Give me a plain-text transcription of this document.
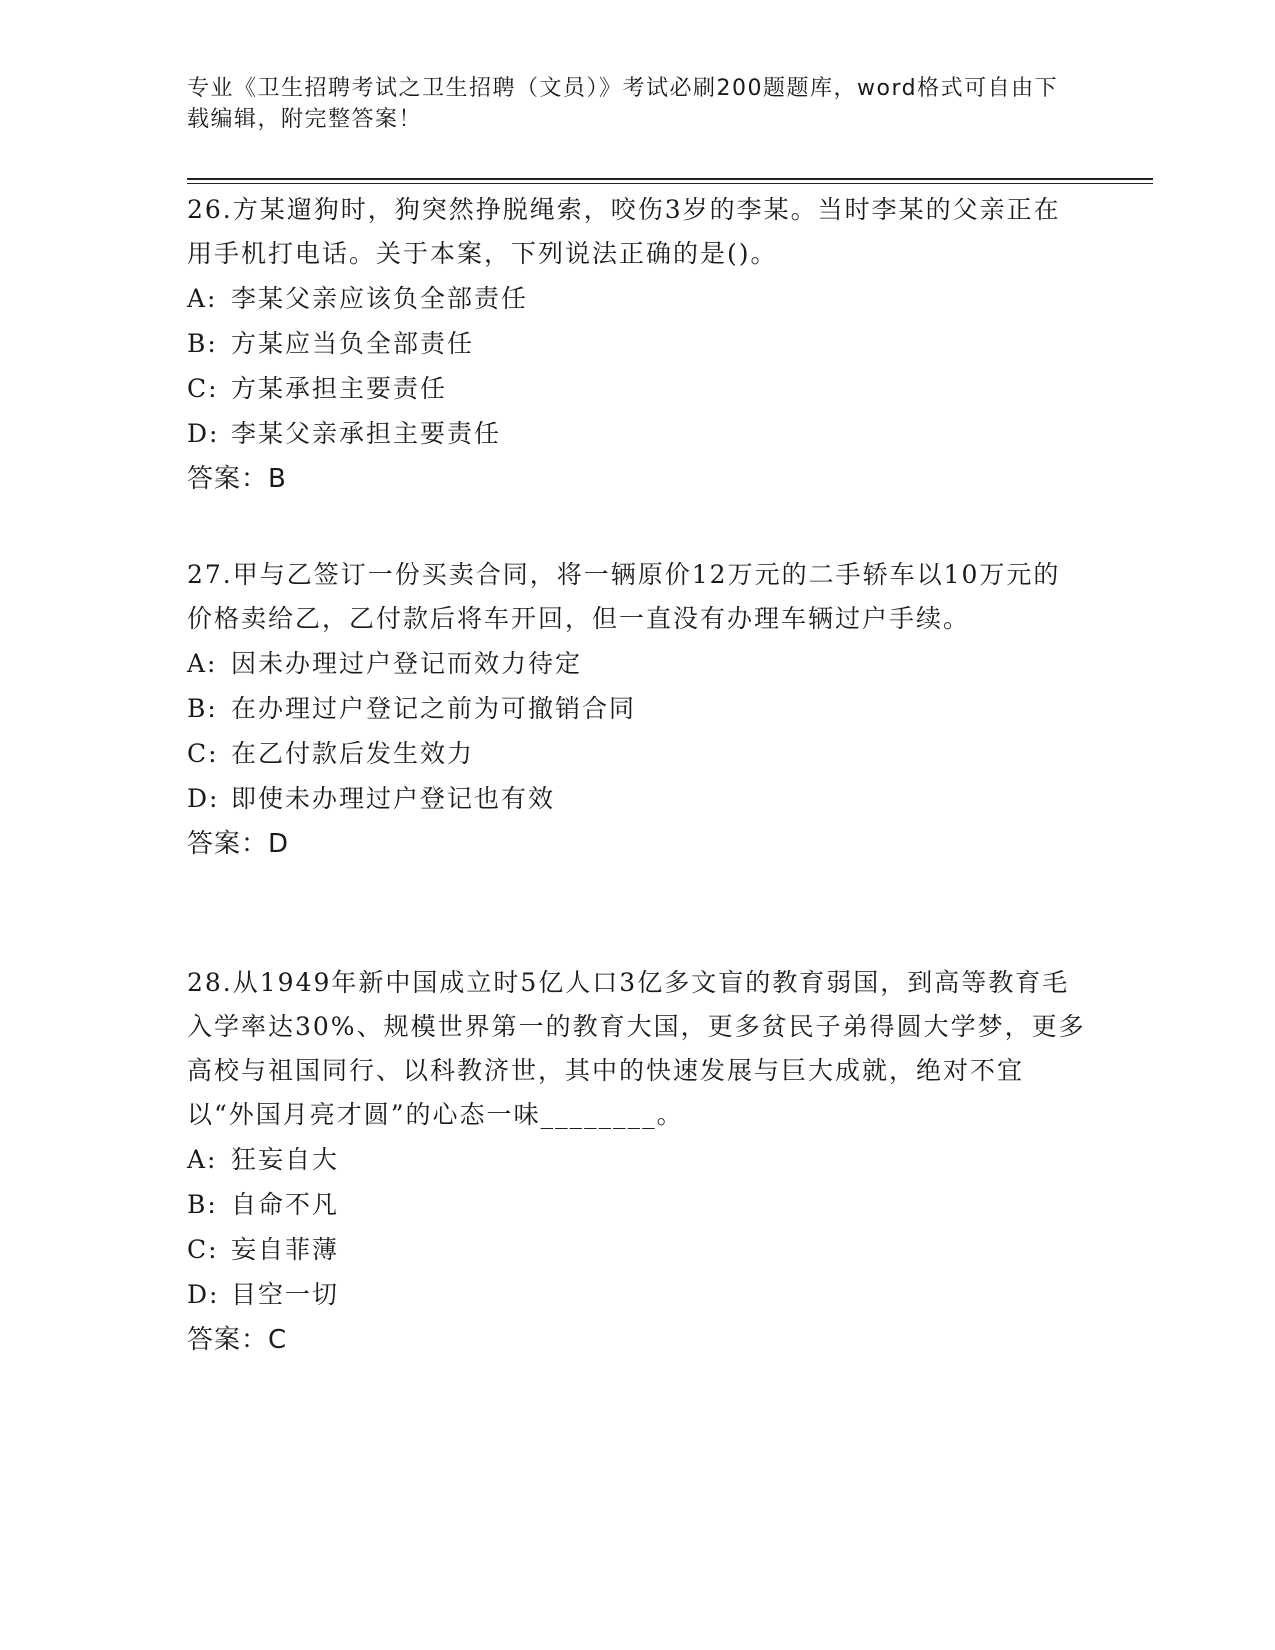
专业《卫生招聘考试之卫生招聘（文员）》考试必刷200题题库，word格式可自由下载编辑，附完整答案！
26.方某遛狗时，狗突然挣脱绳索，咬伤3岁的李某。当时李某的父亲正在用手机打电话。关于本案，下列说法正确的是()。
A: 李某父亲应该负全部责任
B: 方某应当负全部责任
C: 方某承担主要责任
D: 李某父亲承担主要责任
答案：B
27.甲与乙签订一份买卖合同，将一辆原价12万元的二手轿车以10万元的价格卖给乙，乙付款后将车开回，但一直没有办理车辆过户手续。
A: 因未办理过户登记而效力待定
B: 在办理过户登记之前为可撤销合同
C: 在乙付款后发生效力
D: 即使未办理过户登记也有效
答案：D
28.从1949年新中国成立时5亿人口3亿多文盲的教育弱国，到高等教育毛入学率达30%、规模世界第一的教育大国，更多贫民子弟得圆大学梦，更多高校与祖国同行、以科教济世，其中的快速发展与巨大成就，绝对不宜以“外国月亮才圆”的心态一味________。
A: 狂妄自大
B: 自命不凡
C: 妄自菲薄
D: 目空一切
答案：C
